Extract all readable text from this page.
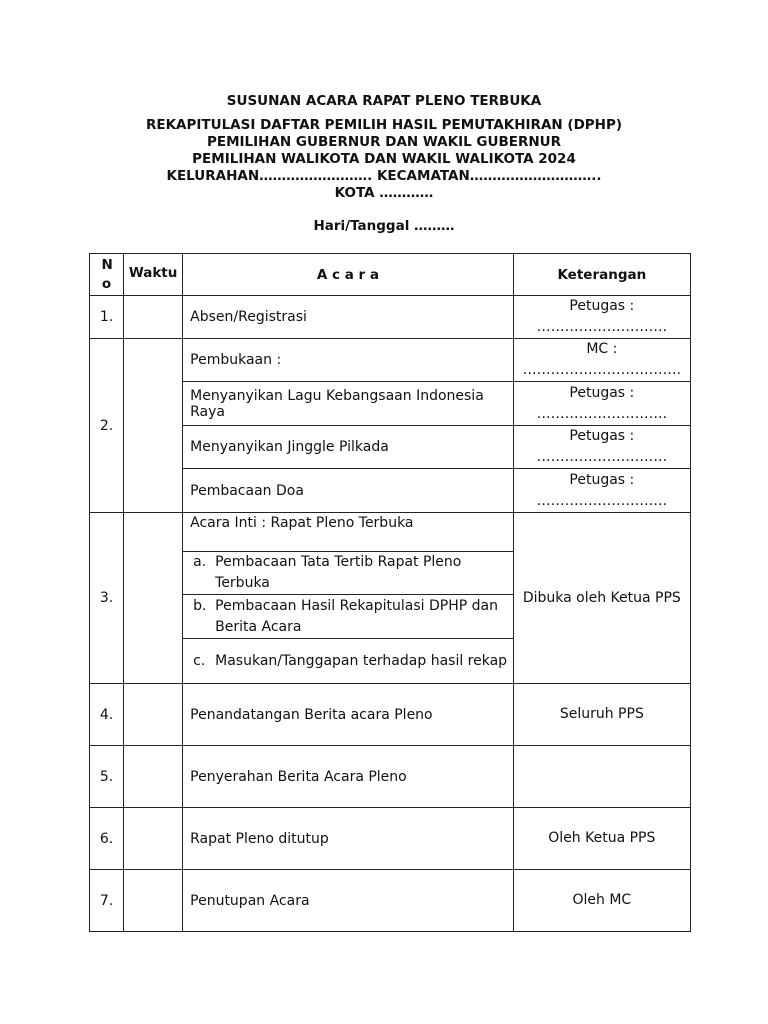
SUSUNAN ACARA RAPAT PLENO TERBUKA
REKAPITULASI DAFTAR PEMILIH HASIL PEMUTAKHIRAN (DPHP)
PEMILIHAN GUBERNUR DAN WAKIL GUBERNUR
PEMILIHAN WALIKOTA DAN WAKIL WALIKOTA 2024
KELURAHAN……………………. KECAMATAN………………………..
KOTA …………
Hari/Tanggal ………
No	Waktu	A c a r a	Keterangan
1.		Absen/Registrasi	Petugas :
……………………….

2.		Pembukaan :	MC :
…………………………….

		Menyanyikan Lagu Kebangsaan Indonesia Raya	Petugas :
……………………….

		Menyanyikan Jinggle Pilkada	Petugas :
……………………….

		Pembacaan Doa	Petugas :
……………………….

3.		Acara Inti : Rapat Pleno Terbuka	Dibuka oleh Ketua PPS

		a. Pembacaan Tata Tertib Rapat Pleno
Terbuka	

		b. Pembacaan Hasil Rekapitulasi DPHP dan
Berita Acara	

		c. Masukan/Tanggapan terhadap hasil rekap	

4.		Penandatangan Berita acara Pleno	Seluruh PPS
5.		Penyerahan Berita Acara Pleno	
6.		Rapat Pleno ditutup	Oleh Ketua PPS
7.		Penutupan Acara	Oleh MC
